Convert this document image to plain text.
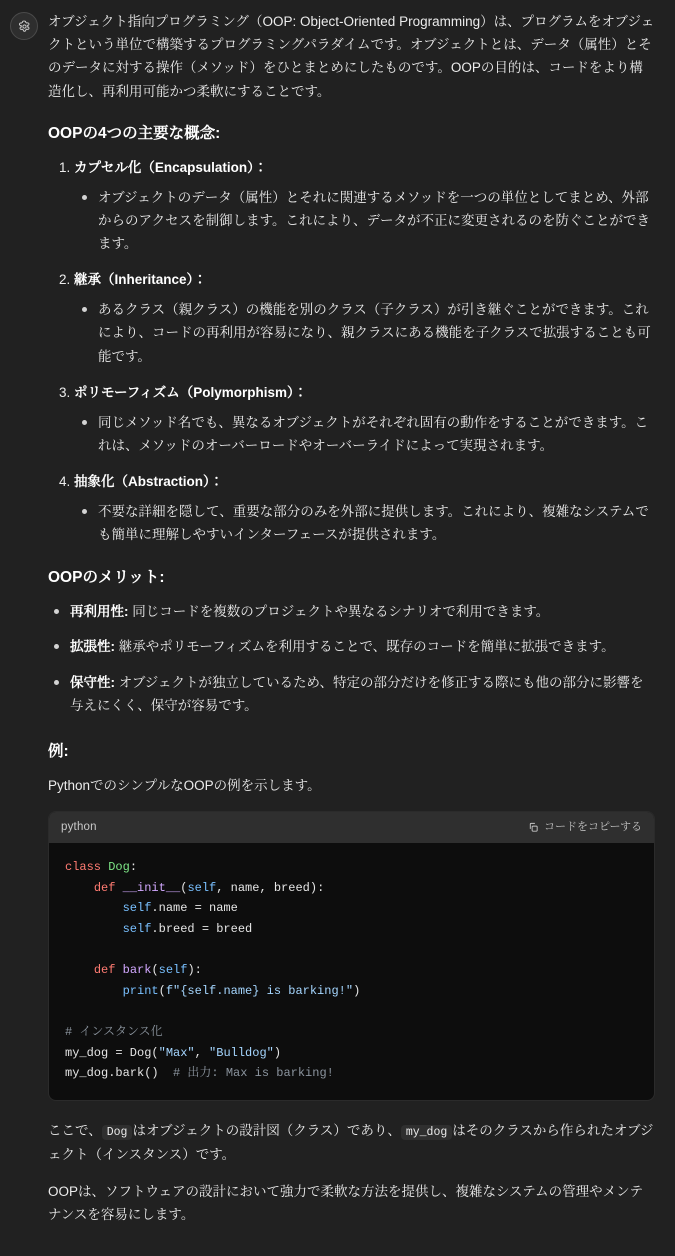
オブジェクト指向プログラミング（OOP: Object-Oriented Programming）は、プログラムをオブジェクトという単位で構築するプログラミングパラダイムです。オブジェクトとは、データ（属性）とそのデータに対する操作（メソッド）をひとまとめにしたものです。OOPの目的は、コードをより構造化し、再利用可能かつ柔軟にすることです。

OOPの4つの主要な概念:
1. カプセル化（Encapsulation）：
オブジェクトのデータ（属性）とそれに関連するメソッドを一つの単位としてまとめ、外部からのアクセスを制御します。これにより、データが不正に変更されるのを防ぐことができます。
2. 継承（Inheritance）：
あるクラス（親クラス）の機能を別のクラス（子クラス）が引き継ぐことができます。これにより、コードの再利用が容易になり、親クラスにある機能を子クラスで拡張することも可能です。
3. ポリモーフィズム（Polymorphism）：
同じメソッド名でも、異なるオブジェクトがそれぞれ固有の動作をすることができます。これは、メソッドのオーバーロードやオーバーライドによって実現されます。
4. 抽象化（Abstraction）：
不要な詳細を隠して、重要な部分のみを外部に提供します。これにより、複雑なシステムでも簡単に理解しやすいインターフェースが提供されます。
OOPのメリット:
再利用性: 同じコードを複数のプロジェクトや異なるシナリオで利用できます。
拡張性: 継承やポリモーフィズムを利用することで、既存のコードを簡単に拡張できます。
保守性: オブジェクトが独立しているため、特定の部分だけを修正する際にも他の部分に影響を与えにくく、保守が容易です。
例:

PythonでのシンプルなOOPの例を示します。

python	コードをコピーする
class Dog:
def __init__(self, name, breed):
self.name = name
self.breed = breed

def bark(self):
print(f"{self.name} is barking!")

# インスタンス化
my_dog = Dog("Max", "Bulldog")
my_dog.bark()  # 出力: Max is barking!

ここで、 Dog はオブジェクトの設計図（クラス）であり、 my_dog はそのクラスから作られたオブジェクト（インスタンス）です。

OOPは、ソフトウェアの設計において強力で柔軟な方法を提供し、複雑なシステムの管理やメンテナンスを容易にします。
